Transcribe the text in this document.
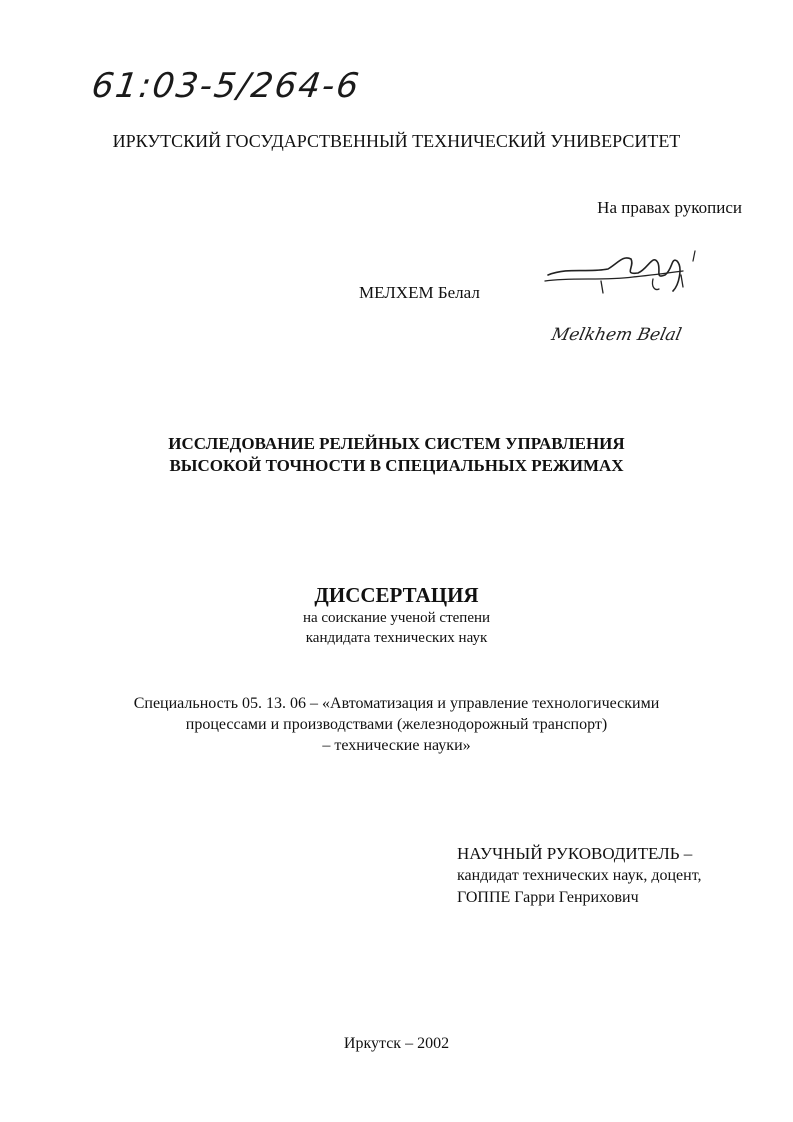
61:03-5/264-6
ИРКУТСКИЙ ГОСУДАРСТВЕННЫЙ ТЕХНИЧЕСКИЙ УНИВЕРСИТЕТ
На правах рукописи
МЕЛХЕМ Белал
Melkhem Belal
ИССЛЕДОВАНИЕ РЕЛЕЙНЫХ СИСТЕМ УПРАВЛЕНИЯ
ВЫСОКОЙ ТОЧНОСТИ В СПЕЦИАЛЬНЫХ РЕЖИМАХ
ДИССЕРТАЦИЯ
на соискание ученой степени
кандидата технических наук
Специальность 05. 13. 06 – «Автоматизация и управление технологическими
процессами и производствами (железнодорожный транспорт)
– технические науки»
НАУЧНЫЙ РУКОВОДИТЕЛЬ –
кандидат технических наук, доцент,
ГОППЕ Гарри Генрихович
Иркутск – 2002
